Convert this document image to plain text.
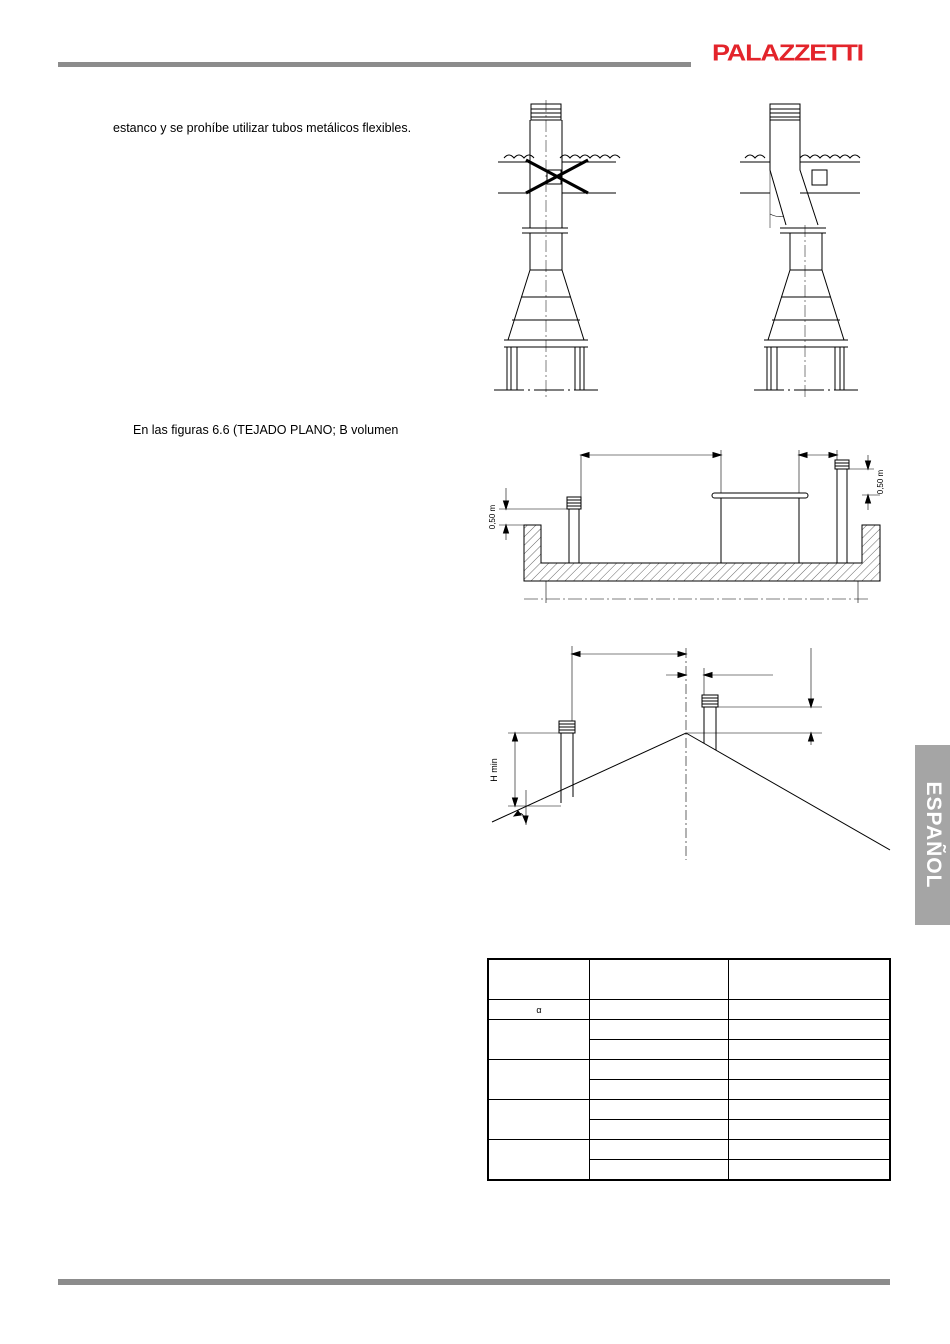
PALAZZETTI
estanco y se prohíbe utilizar tubos metálicos flexibles.
En las figuras 6.6 (TEJADO PLANO; B volumen
ESPAÑOL
0,50 m
0,50 m
H min

α		
